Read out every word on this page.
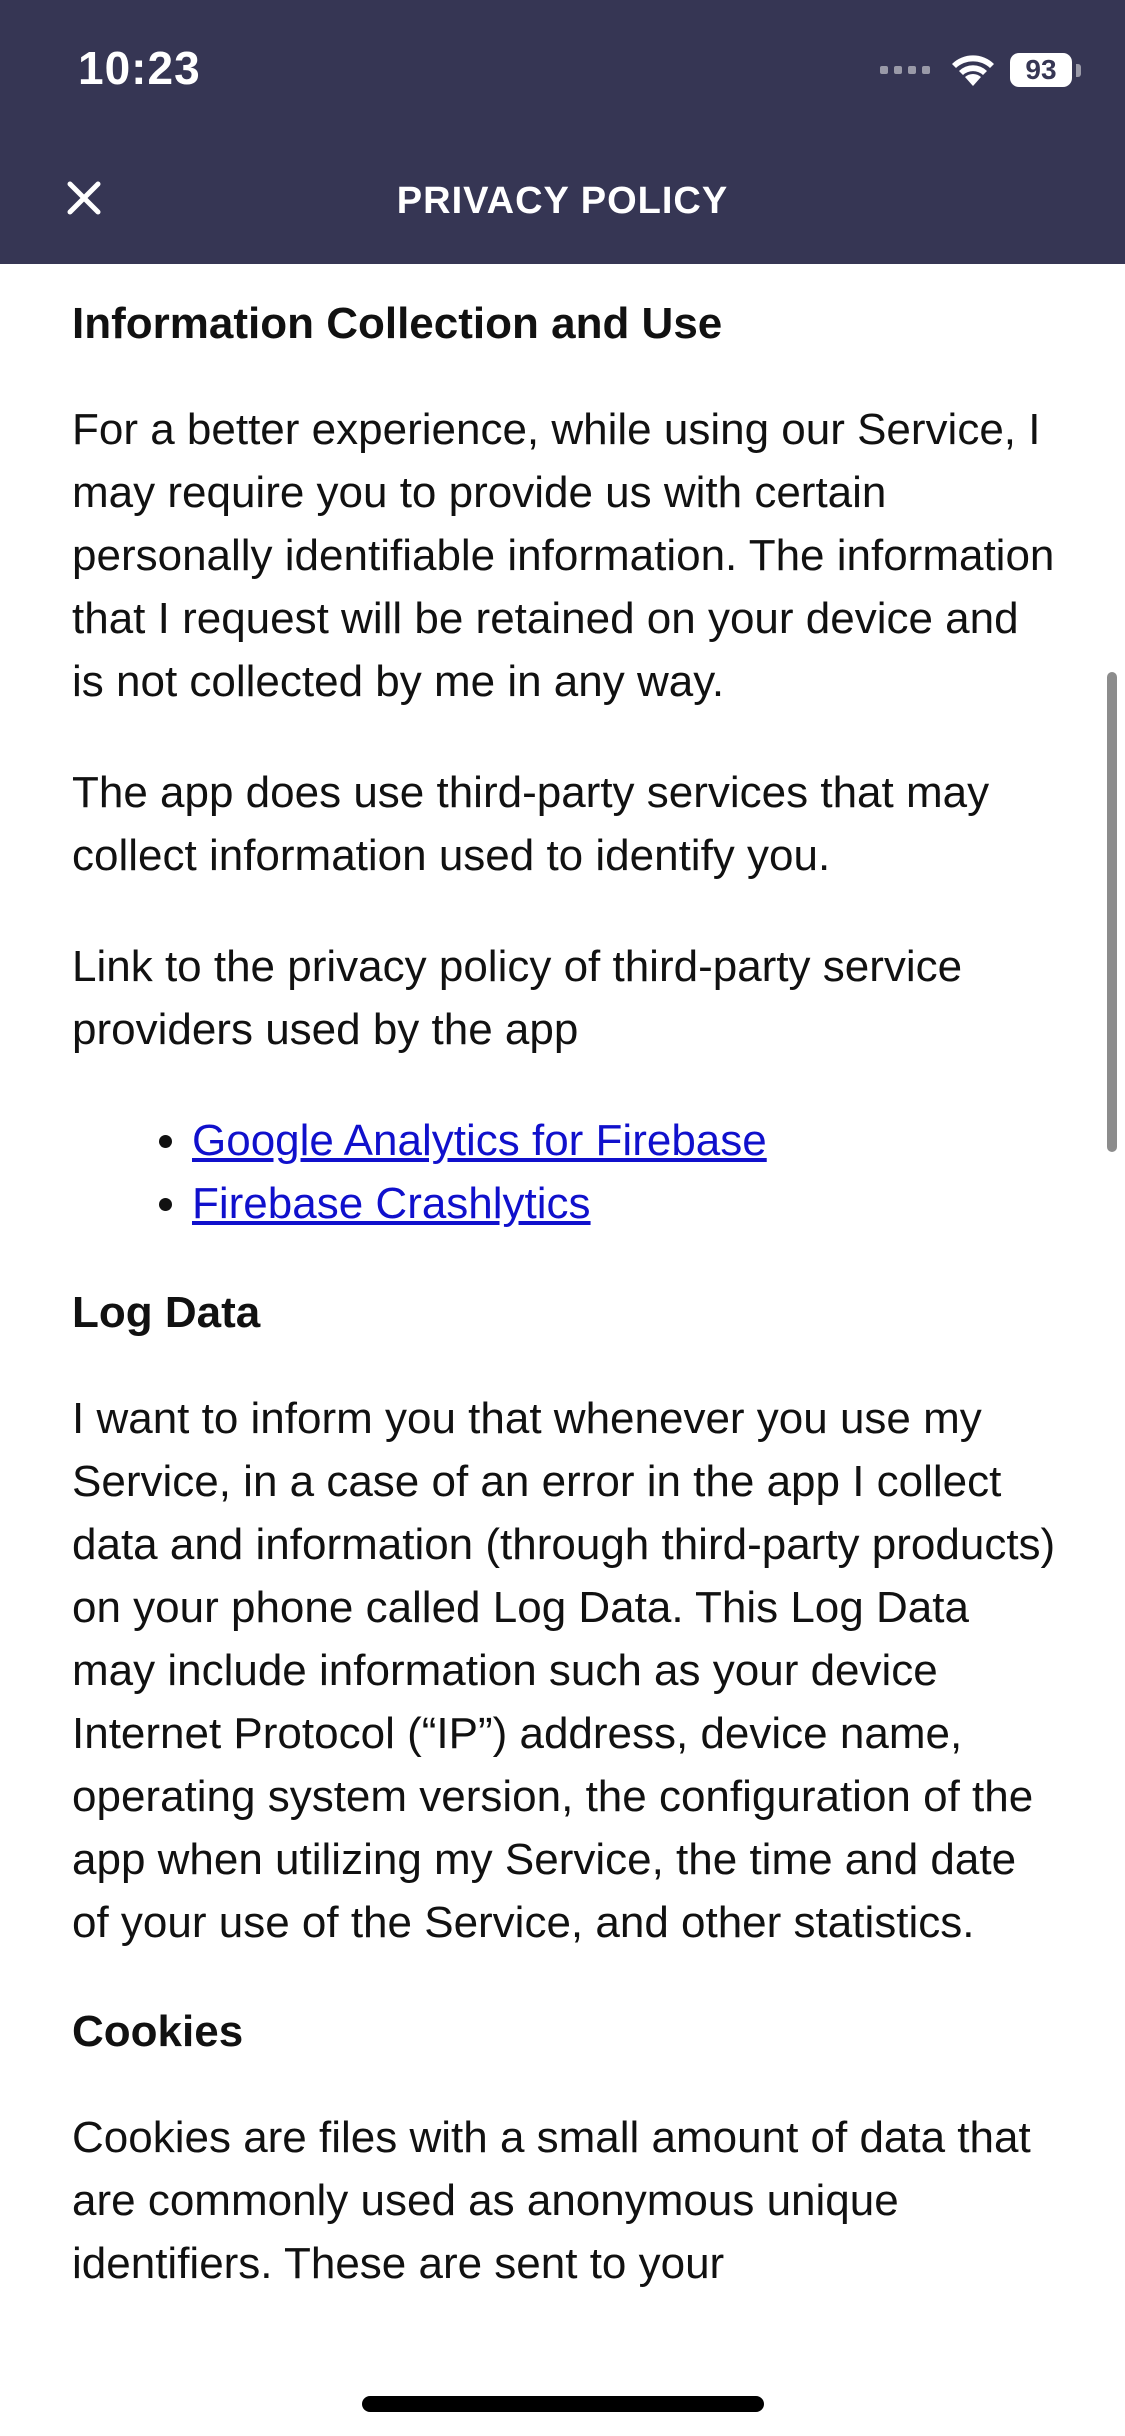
10:23	93
PRIVACY POLICY
Information Collection and Use

For a better experience, while using our Service, I may require you to provide us with certain personally identifiable information. The information that I request will be retained on your device and is not collected by me in any way.

The app does use third-party services that may collect information used to identify you.

Link to the privacy policy of third-party service providers used by the app

• Google Analytics for Firebase
• Firebase Crashlytics
Log Data

I want to inform you that whenever you use my Service, in a case of an error in the app I collect data and information (through third-party products) on your phone called Log Data. This Log Data may include information such as your device Internet Protocol (“IP”) address, device name, operating system version, the configuration of the app when utilizing my Service, the time and date of your use of the Service, and other statistics.

Cookies

Cookies are files with a small amount of data that are commonly used as anonymous unique identifiers. These are sent to your
